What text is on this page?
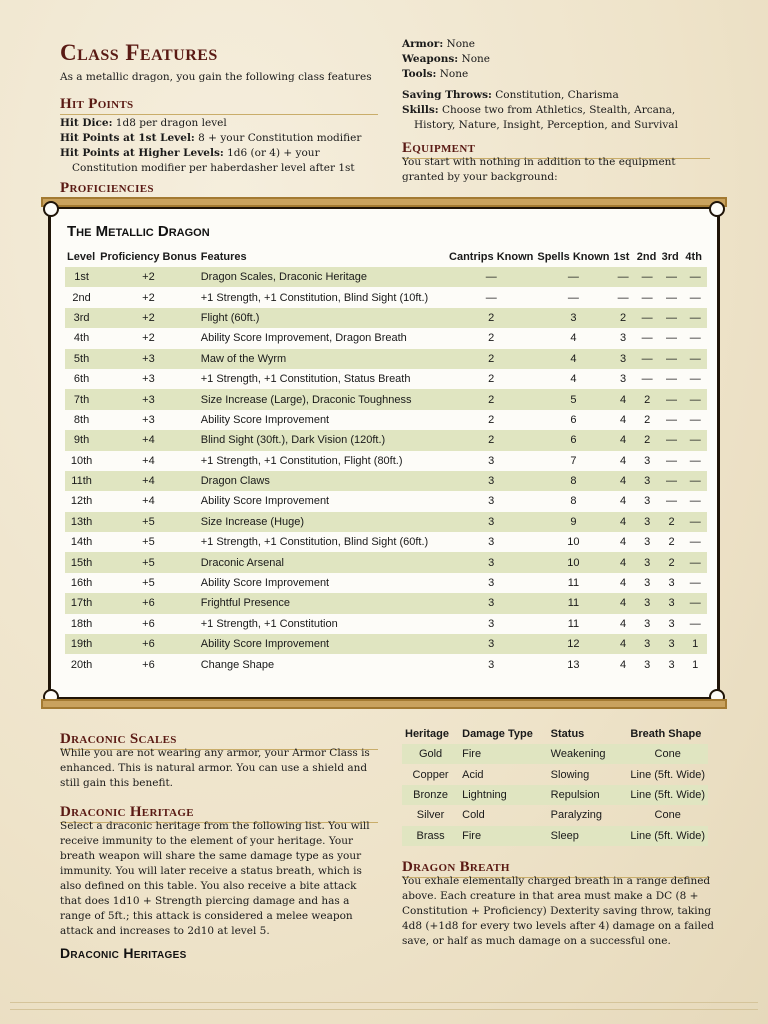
Class Features
As a metallic dragon, you gain the following class features
Hit Points
Hit Dice: 1d8 per dragon level
Hit Points at 1st Level: 8 + your Constitution modifier
Hit Points at Higher Levels: 1d6 (or 4) + your Constitution modifier per haberdasher level after 1st
Proficiencies
Armor: None
Weapons: None
Tools: None
Saving Throws: Constitution, Charisma
Skills: Choose two from Athletics, Stealth, Arcana, History, Nature, Insight, Perception, and Survival
Equipment
You start with nothing in addition to the equipment granted by your background:
The Metallic Dragon
Level	Proficiency Bonus	Features	Cantrips Known	Spells Known	1st	2nd	3rd	4th
1st	+2	Dragon Scales, Draconic Heritage	—	—	—	—	—	—
2nd	+2	+1 Strength, +1 Constitution, Blind Sight (10ft.)	—	—	—	—	—	—
3rd	+2	Flight (60ft.)	2	3	2	—	—	—
4th	+2	Ability Score Improvement, Dragon Breath	2	4	3	—	—	—
5th	+3	Maw of the Wyrm	2	4	3	—	—	—
6th	+3	+1 Strength, +1 Constitution, Status Breath	2	4	3	—	—	—
7th	+3	Size Increase (Large), Draconic Toughness	2	5	4	2	—	—
8th	+3	Ability Score Improvement	2	6	4	2	—	—
9th	+4	Blind Sight (30ft.), Dark Vision (120ft.)	2	6	4	2	—	—
10th	+4	+1 Strength, +1 Constitution, Flight (80ft.)	3	7	4	3	—	—
11th	+4	Dragon Claws	3	8	4	3	—	—
12th	+4	Ability Score Improvement	3	8	4	3	—	—
13th	+5	Size Increase (Huge)	3	9	4	3	2	—
14th	+5	+1 Strength, +1 Constitution, Blind Sight (60ft.)	3	10	4	3	2	—
15th	+5	Draconic Arsenal	3	10	4	3	2	—
16th	+5	Ability Score Improvement	3	11	4	3	3	—
17th	+6	Frightful Presence	3	11	4	3	3	—
18th	+6	+1 Strength, +1 Constitution	3	11	4	3	3	—
19th	+6	Ability Score Improvement	3	12	4	3	3	1
20th	+6	Change Shape	3	13	4	3	3	1
Draconic Scales
While you are not wearing any armor, your Armor Class is enhanced. This is natural armor. You can use a shield and still gain this benefit.
Draconic Heritage
Select a draconic heritage from the following list. You will receive immunity to the element of your heritage. Your breath weapon will share the same damage type as your immunity. You will later receive a status breath, which is also defined on this table. You also receive a bite attack that does 1d10 + Strength piercing damage and has a range of 5ft.; this attack is considered a melee weapon attack and increases to 2d10 at level 5.
Draconic Heritages
Heritage	Damage Type	Status	Breath Shape
Gold	Fire	Weakening	Cone
Copper	Acid	Slowing	Line (5ft. Wide)
Bronze	Lightning	Repulsion	Line (5ft. Wide)
Silver	Cold	Paralyzing	Cone
Brass	Fire	Sleep	Line (5ft. Wide)
Dragon Breath
You exhale elementally charged breath in a range defined above. Each creature in that area must make a DC (8 + Constitution + Proficiency) Dexterity saving throw, taking 4d8 (+1d8 for every two levels after 4) damage on a failed save, or half as much damage on a successful one.
